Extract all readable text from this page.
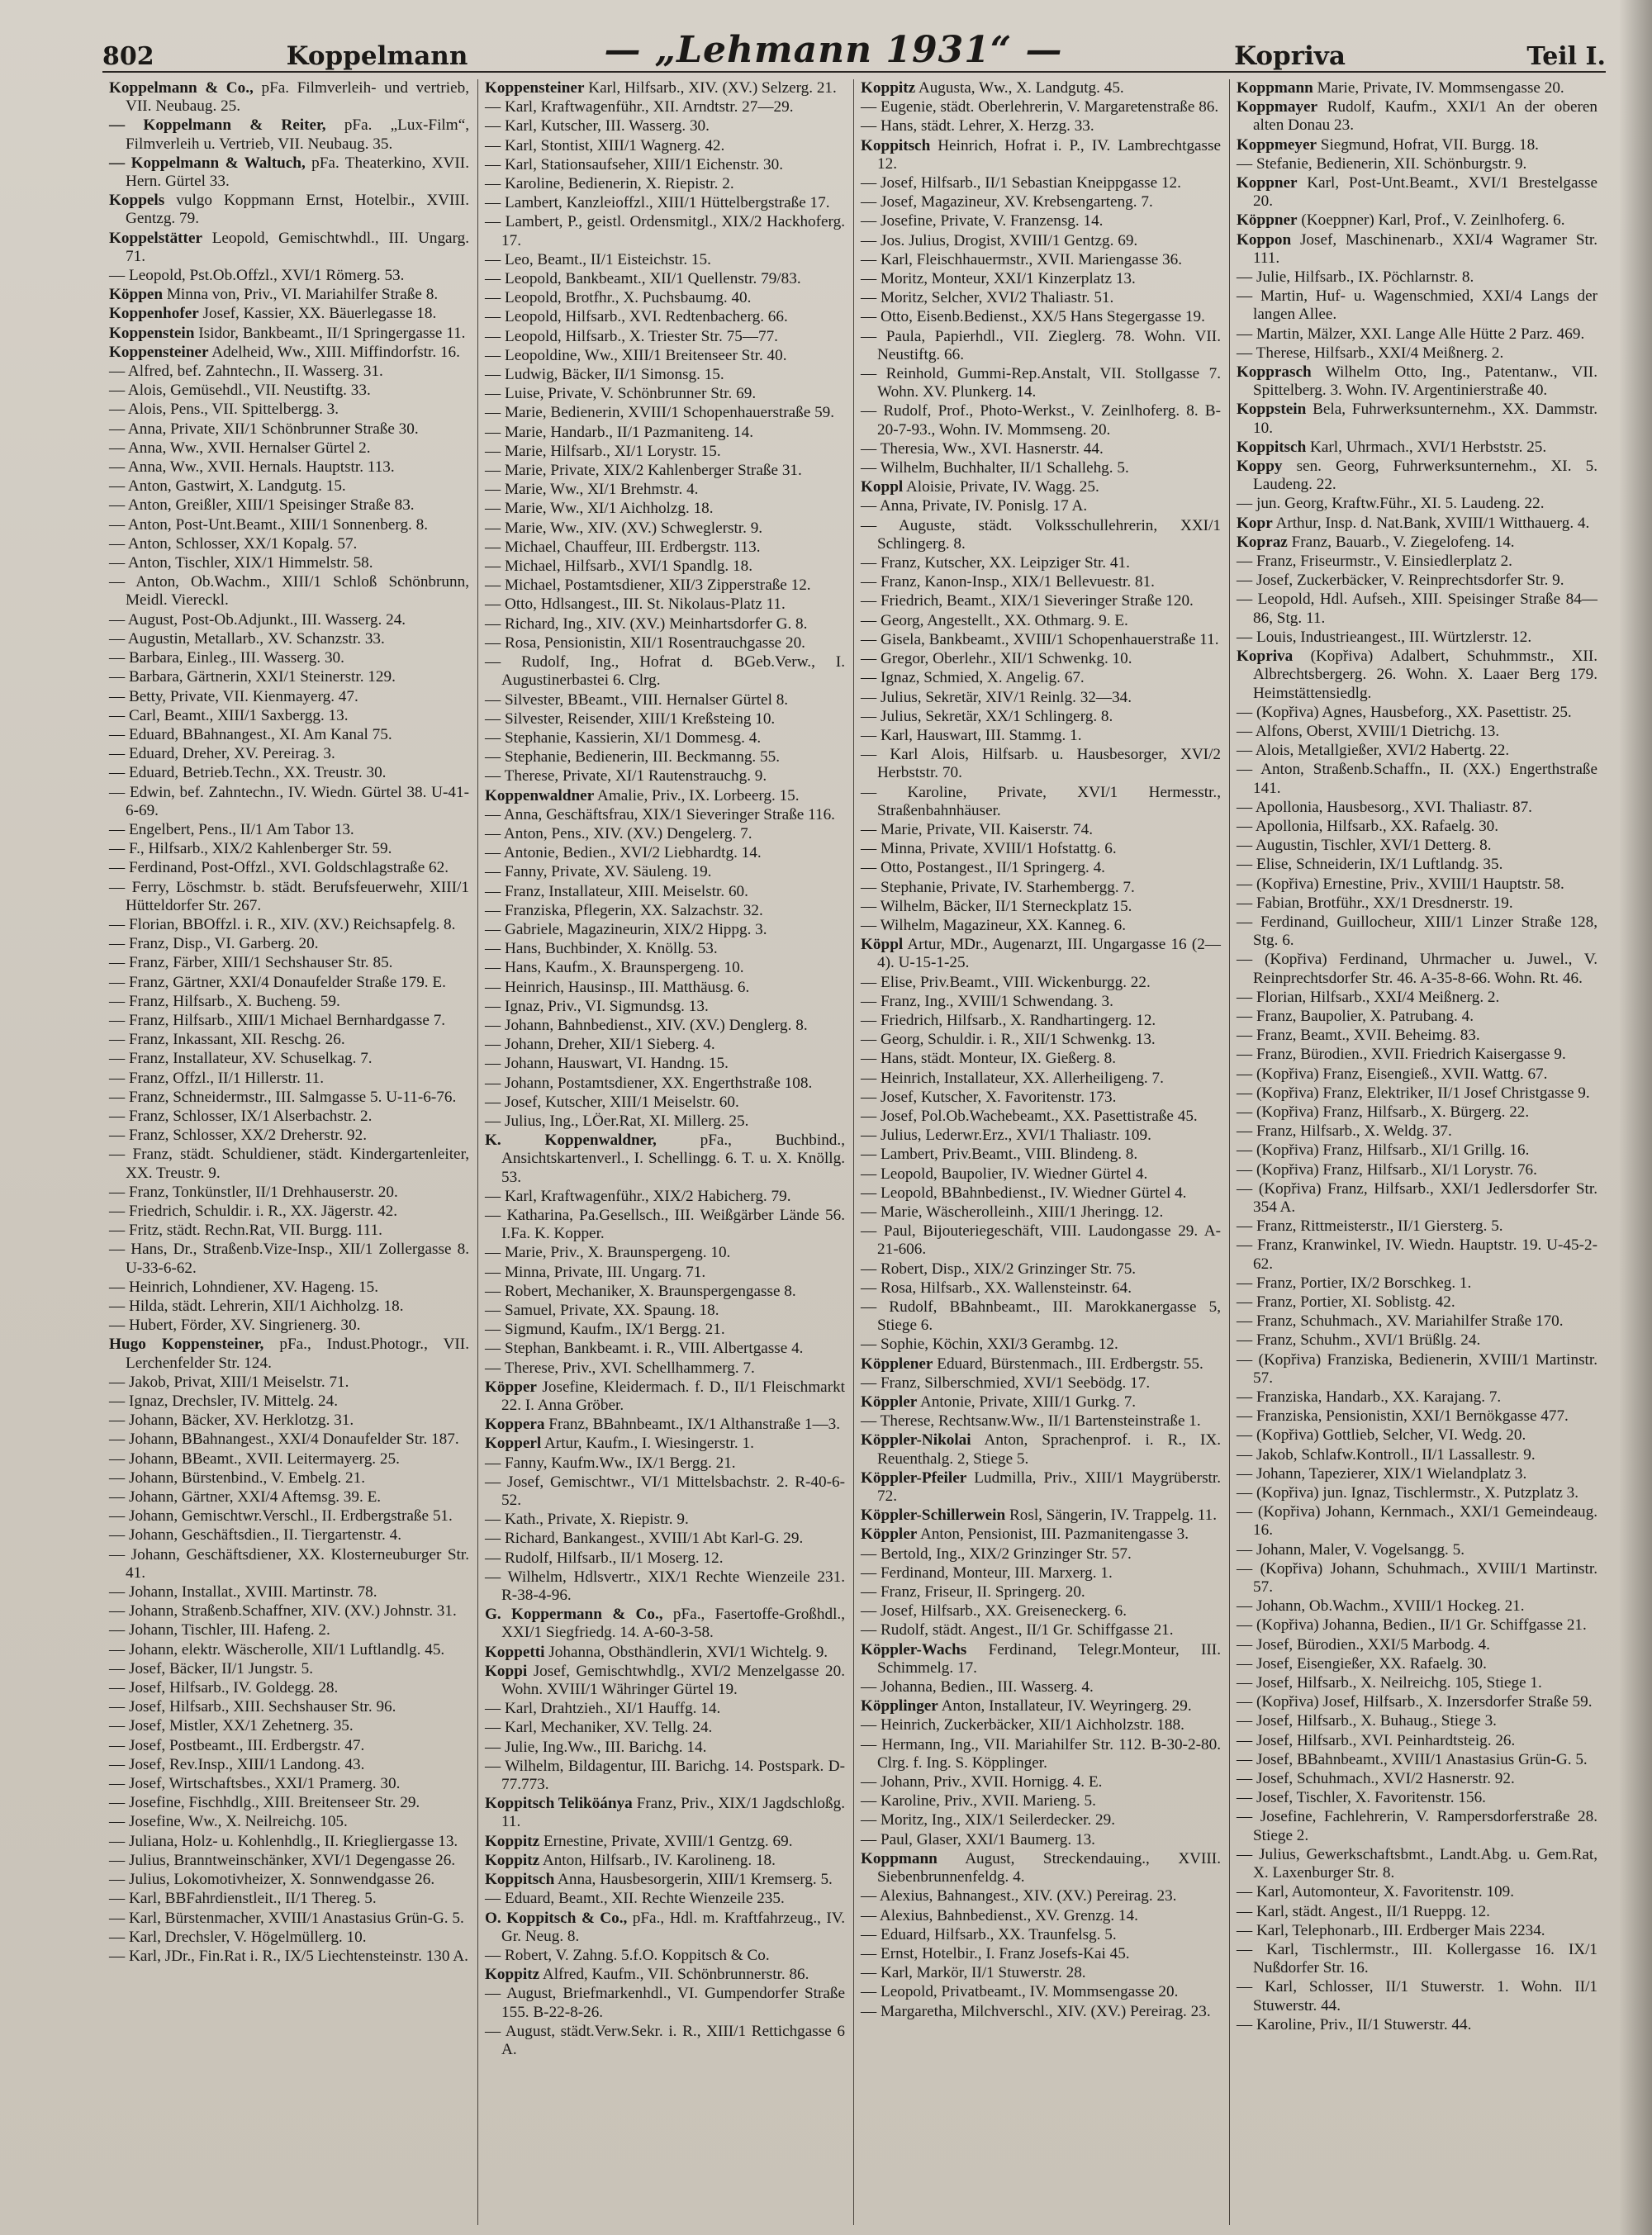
802	Koppelmann	— „Lehmann 1931“ —	Kopriva	Teil I.

Koppelmann & Co., pFa. Filmverleih- und vertrieb, VII. Neubaug. 25.

— Koppelmann & Reiter, pFa. „Lux-Film“, Filmverleih u. Vertrieb, VII. Neubaug. 35.

— Koppelmann & Waltuch, pFa. Theaterkino, XVII. Hern. Gürtel 33.

Koppels vulgo Koppmann Ernst, Hotelbir., XVIII. Gentzg. 79.

Koppelstätter Leopold, Gemischtwhdl., III. Ungarg. 71.

— Leopold, Pst.Ob.Offzl., XVI/1 Römerg. 53.

Köppen Minna von, Priv., VI. Mariahilfer Straße 8.

Koppenhofer Josef, Kassier, XX. Bäuerlegasse 18.

Koppenstein Isidor, Bankbeamt., II/1 Springergasse 11.

Koppensteiner Adelheid, Ww., XIII. Miffindorfstr. 16.

— Alfred, bef. Zahntechn., II. Wasserg. 31.

— Alois, Gemüsehdl., VII. Neustiftg. 33.

— Alois, Pens., VII. Spittelbergg. 3.

— Anna, Private, XII/1 Schönbrunner Straße 30.

— Anna, Ww., XVII. Hernalser Gürtel 2.

— Anna, Ww., XVII. Hernals. Hauptstr. 113.

— Anton, Gastwirt, X. Landgutg. 15.

— Anton, Greißler, XIII/1 Speisinger Straße 83.

— Anton, Post-Unt.Beamt., XIII/1 Sonnenberg. 8.

— Anton, Schlosser, XX/1 Kopalg. 57.

— Anton, Tischler, XIX/1 Himmelstr. 58.

— Anton, Ob.Wachm., XIII/1 Schloß Schönbrunn, Meidl. Viereckl.

— August, Post-Ob.Adjunkt., III. Wasserg. 24.

— Augustin, Metallarb., XV. Schanzstr. 33.

— Barbara, Einleg., III. Wasserg. 30.

— Barbara, Gärtnerin, XXI/1 Steinerstr. 129.

— Betty, Private, VII. Kienmayerg. 47.

— Carl, Beamt., XIII/1 Saxbergg. 13.

— Eduard, BBahnangest., XI. Am Kanal 75.

— Eduard, Dreher, XV. Pereirag. 3.

— Eduard, Betrieb.Techn., XX. Treustr. 30.

— Edwin, bef. Zahntechn., IV. Wiedn. Gürtel 38. U-41-6-69.

— Engelbert, Pens., II/1 Am Tabor 13.

— F., Hilfsarb., XIX/2 Kahlenberger Str. 59.

— Ferdinand, Post-Offzl., XVI. Goldschlagstraße 62.

— Ferry, Löschmstr. b. städt. Berufsfeuerwehr, XIII/1 Hütteldorfer Str. 267.

— Florian, BBOffzl. i. R., XIV. (XV.) Reichsapfelg. 8.

— Franz, Disp., VI. Garberg. 20.

— Franz, Färber, XIII/1 Sechshauser Str. 85.

— Franz, Gärtner, XXI/4 Donaufelder Straße 179. E.

— Franz, Hilfsarb., X. Bucheng. 59.

— Franz, Hilfsarb., XIII/1 Michael Bernhardgasse 7.

— Franz, Inkassant, XII. Reschg. 26.

— Franz, Installateur, XV. Schuselkag. 7.

— Franz, Offzl., II/1 Hillerstr. 11.

— Franz, Schneidermstr., III. Salmgasse 5. U-11-6-76.

— Franz, Schlosser, IX/1 Alserbachstr. 2.

— Franz, Schlosser, XX/2 Dreherstr. 92.

— Franz, städt. Schuldiener, städt. Kindergartenleiter, XX. Treustr. 9.

— Franz, Tonkünstler, II/1 Drehhauserstr. 20.

— Friedrich, Schuldir. i. R., XX. Jägerstr. 42.

— Fritz, städt. Rechn.Rat, VII. Burgg. 111.

— Hans, Dr., Straßenb.Vize-Insp., XII/1 Zollergasse 8. U-33-6-62.

— Heinrich, Lohndiener, XV. Hageng. 15.

— Hilda, städt. Lehrerin, XII/1 Aichholzg. 18.

— Hubert, Förder, XV. Singrienerg. 30.

Hugo Koppensteiner, pFa., Indust.Photogr., VII. Lerchenfelder Str. 124.

— Jakob, Privat, XIII/1 Meiselstr. 71.

— Ignaz, Drechsler, IV. Mittelg. 24.

— Johann, Bäcker, XV. Herklotzg. 31.

— Johann, BBahnangest., XXI/4 Donaufelder Str. 187.

— Johann, BBeamt., XVII. Leitermayerg. 25.

— Johann, Bürstenbind., V. Embelg. 21.

— Johann, Gärtner, XXI/4 Aftemsg. 39. E.

— Johann, Gemischtwr.Verschl., II. Erdbergstraße 51.

— Johann, Geschäftsdien., II. Tiergartenstr. 4.

— Johann, Geschäftsdiener, XX. Klosterneuburger Str. 41.

— Johann, Installat., XVIII. Martinstr. 78.

— Johann, Straßenb.Schaffner, XIV. (XV.) Johnstr. 31.

— Johann, Tischler, III. Hafeng. 2.

— Johann, elektr. Wäscherolle, XII/1 Luftlandlg. 45.

— Josef, Bäcker, II/1 Jungstr. 5.

— Josef, Hilfsarb., IV. Goldegg. 28.

— Josef, Hilfsarb., XIII. Sechshauser Str. 96.

— Josef, Mistler, XX/1 Zehetnerg. 35.

— Josef, Postbeamt., III. Erdbergstr. 47.

— Josef, Rev.Insp., XIII/1 Landong. 43.

— Josef, Wirtschaftsbes., XXI/1 Pramerg. 30.

— Josefine, Fischhdlg., XIII. Breitenseer Str. 29.

— Josefine, Ww., X. Neilreichg. 105.

— Juliana, Holz- u. Kohlenhdlg., II. Kriegliergasse 13.

— Julius, Branntweinschänker, XVI/1 Degengasse 26.

— Julius, Lokomotivheizer, X. Sonnwendgasse 26.

— Karl, BBFahrdienstleit., II/1 Thereg. 5.

— Karl, Bürstenmacher, XVIII/1 Anastasius Grün-G. 5.

— Karl, Drechsler, V. Högelmüllerg. 10.

— Karl, JDr., Fin.Rat i. R., IX/5 Liechtensteinstr. 130 A.

Koppensteiner Karl, Hilfsarb., XIV. (XV.) Selzerg. 21.

— Karl, Kraftwagenführ., XII. Arndtstr. 27—29.

— Karl, Kutscher, III. Wasserg. 30.

— Karl, Stontist, XIII/1 Wagnerg. 42.

— Karl, Stationsaufseher, XIII/1 Eichenstr. 30.

— Karoline, Bedienerin, X. Riepistr. 2.

— Lambert, Kanzleioffzl., XIII/1 Hüttelbergstraße 17.

— Lambert, P., geistl. Ordensmitgl., XIX/2 Hackhoferg. 17.

— Leo, Beamt., II/1 Eisteichstr. 15.

— Leopold, Bankbeamt., XII/1 Quellenstr. 79/83.

— Leopold, Brotfhr., X. Puchsbaumg. 40.

— Leopold, Hilfsarb., XVI. Redtenbacherg. 66.

— Leopold, Hilfsarb., X. Triester Str. 75—77.

— Leopoldine, Ww., XIII/1 Breitenseer Str. 40.

— Ludwig, Bäcker, II/1 Simonsg. 15.

— Luise, Private, V. Schönbrunner Str. 69.

— Marie, Bedienerin, XVIII/1 Schopenhauerstraße 59.

— Marie, Handarb., II/1 Pazmaniteng. 14.

— Marie, Hilfsarb., XI/1 Lorystr. 15.

— Marie, Private, XIX/2 Kahlenberger Straße 31.

— Marie, Ww., XI/1 Brehmstr. 4.

— Marie, Ww., XI/1 Aichholzg. 18.

— Marie, Ww., XIV. (XV.) Schweglerstr. 9.

— Michael, Chauffeur, III. Erdbergstr. 113.

— Michael, Hilfsarb., XVI/1 Spandlg. 18.

— Michael, Postamtsdiener, XII/3 Zipperstraße 12.

— Otto, Hdlsangest., III. St. Nikolaus-Platz 11.

— Richard, Ing., XIV. (XV.) Meinhartsdorfer G. 8.

— Rosa, Pensionistin, XII/1 Rosentrauchgasse 20.

— Rudolf, Ing., Hofrat d. BGeb.Verw., I. Augustinerbastei 6. Clrg.

— Silvester, BBeamt., VIII. Hernalser Gürtel 8.

— Silvester, Reisender, XIII/1 Kreßsteing 10.

— Stephanie, Kassierin, XI/1 Dommesg. 4.

— Stephanie, Bedienerin, III. Beckmanng. 55.

— Therese, Private, XI/1 Rautenstrauchg. 9.

Koppenwaldner Amalie, Priv., IX. Lorbeerg. 15.

— Anna, Geschäftsfrau, XIX/1 Sieveringer Straße 116.

— Anton, Pens., XIV. (XV.) Dengelerg. 7.

— Antonie, Bedien., XVI/2 Liebhardtg. 14.

— Fanny, Private, XV. Säuleng. 19.

— Franz, Installateur, XIII. Meiselstr. 60.

— Franziska, Pflegerin, XX. Salzachstr. 32.

— Gabriele, Magazineurin, XIX/2 Hippg. 3.

— Hans, Buchbinder, X. Knöllg. 53.

— Hans, Kaufm., X. Braunspergeng. 10.

— Heinrich, Hausinsp., III. Matthäusg. 6.

— Ignaz, Priv., VI. Sigmundsg. 13.

— Johann, Bahnbedienst., XIV. (XV.) Denglerg. 8.

— Johann, Dreher, XII/1 Sieberg. 4.

— Johann, Hauswart, VI. Handng. 15.

— Johann, Postamtsdiener, XX. Engerthstraße 108.

— Josef, Kutscher, XIII/1 Meiselstr. 60.

— Julius, Ing., LÖer.Rat, XI. Millerg. 25.

K. Koppenwaldner,	pFa., Buchbind., Ansichtskartenverl., I. Schellingg. 6. T. u. X. Knöllg. 53.

— Karl, Kraftwagenführ., XIX/2 Habicherg. 79.

— Katharina, Pa.Gesellsch., III. Weißgärber Lände 56. I.Fa. K. Kopper.

— Marie, Priv., X. Braunspergeng. 10.

— Minna, Private, III. Ungarg. 71.

— Robert, Mechaniker, X. Braunspergengasse 8.

— Samuel, Private, XX. Spaung. 18.

— Sigmund, Kaufm., IX/1 Bergg. 21.

— Stephan, Bankbeamt. i. R., VIII. Albertgasse 4.

— Therese, Priv., XVI. Schellhammerg. 7.

Köpper Josefine, Kleidermach. f. D., II/1 Fleischmarkt 22. I. Anna Gröber.

Koppera Franz, BBahnbeamt., IX/1 Althanstraße 1—3.

Kopperl Artur, Kaufm., I. Wiesingerstr. 1.

— Fanny, Kaufm.Ww., IX/1 Bergg. 21.

— Josef, Gemischtwr., VI/1 Mittelsbachstr. 2. R-40-6-52.

— Kath., Private, X. Riepistr. 9.

— Richard, Bankangest., XVIII/1 Abt Karl-G. 29.

— Rudolf, Hilfsarb., II/1 Moserg. 12.

— Wilhelm, Hdlsvertr., XIX/1 Rechte Wienzeile 231. R-38-4-96.

G. Koppermann & Co., pFa., Fasertoffe-Großhdl., XXI/1 Siegfriedg. 14. A-60-3-58.

Koppetti Johanna, Obsthändlerin, XVI/1 Wichtelg. 9.

Koppi Josef, Gemischtwhdlg., XVI/2 Menzelgasse 20. Wohn. XVIII/1 Währinger Gürtel 19.

— Karl, Drahtzieh., XI/1 Hauffg. 14.

— Karl, Mechaniker, XV. Tellg. 24.

— Julie, Ing.Ww., III. Barichg. 14.

— Wilhelm, Bildagentur, III. Barichg. 14. Postspark. D-77.773.

Koppitsch Teliköánya Franz, Priv., XIX/1 Jagdschloßg. 11.

Koppitz Ernestine, Private, XVIII/1 Gentzg. 69.

Koppitz Anton, Hilfsarb., IV. Karolineng. 18.

Koppitsch Anna, Hausbesorgerin, XIII/1 Kremserg. 5.

— Eduard, Beamt., XII. Rechte Wienzeile 235.

O. Koppitsch & Co., pFa., Hdl. m. Kraftfahrzeug., IV. Gr. Neug. 8.

— Robert, V. Zahng. 5.f.O. Koppitsch & Co.

Koppitz Alfred, Kaufm., VII. Schönbrunnerstr. 86.

— August, Briefmarkenhdl., VI. Gumpendorfer Straße 155. B-22-8-26.

— August, städt.Verw.Sekr. i. R., XIII/1 Rettichgasse 6 A.

Koppitz Augusta, Ww., X. Landgutg. 45.

— Eugenie, städt. Oberlehrerin, V. Margaretenstraße 86.

— Hans, städt. Lehrer, X. Herzg. 33.

Koppitsch Heinrich, Hofrat i. P., IV. Lambrechtgasse 12.

— Josef, Hilfsarb., II/1 Sebastian Kneippgasse 12.

— Josef, Magazineur, XV. Krebsengarteng. 7.

— Josefine, Private, V. Franzensg. 14.

— Jos. Julius, Drogist, XVIII/1 Gentzg. 69.

— Karl, Fleischhauermstr., XVII. Mariengasse 36.

— Moritz, Monteur, XXI/1 Kinzerplatz 13.

— Moritz, Selcher, XVI/2 Thaliastr. 51.

— Otto, Eisenb.Bedienst., XX/5 Hans Stegergasse 19.

— Paula, Papierhdl., VII. Zieglerg. 78. Wohn. VII. Neustiftg. 66.

— Reinhold, Gummi-Rep.Anstalt, VII. Stollgasse 7. Wohn. XV. Plunkerg. 14.

— Rudolf, Prof., Photo-Werkst., V. Zeinlhoferg. 8. B-20-7-93., Wohn. IV. Mommseng. 20.

— Theresia, Ww., XVI. Hasnerstr. 44.

— Wilhelm, Buchhalter, II/1 Schallehg. 5.

Koppl Aloisie, Private, IV. Wagg. 25.

— Anna, Private, IV. Ponislg. 17 A.

— Auguste, städt. Volksschullehrerin, XXI/1 Schlingerg. 8.

— Franz, Kutscher, XX. Leipziger Str. 41.

— Franz, Kanon-Insp., XIX/1 Bellevuestr. 81.

— Friedrich, Beamt., XIX/1 Sieveringer Straße 120.

— Georg, Angestellt., XX. Othmarg. 9. E.

— Gisela, Bankbeamt., XVIII/1 Schopenhauerstraße 11.

— Gregor, Oberlehr., XII/1 Schwenkg. 10.

— Ignaz, Schmied, X. Angelig. 67.

— Julius, Sekretär, XIV/1 Reinlg. 32—34.

— Julius, Sekretär, XX/1 Schlingerg. 8.

— Karl, Hauswart, III. Stammg. 1.

— Karl Alois, Hilfsarb. u. Hausbesorger, XVI/2 Herbststr. 70.

— Karoline, Private, XVI/1 Hermesstr., Straßenbahnhäuser.

— Marie, Private, VII. Kaiserstr. 74.

— Minna, Private, XVIII/1 Hofstattg. 6.

— Otto, Postangest., II/1 Springerg. 4.

— Stephanie, Private, IV. Starhembergg. 7.

— Wilhelm, Bäcker, II/1 Sterneckplatz 15.

— Wilhelm, Magazineur, XX. Kanneg. 6.

Köppl Artur, MDr., Augenarzt, III. Ungargasse 16 (2—4). U-15-1-25.

— Elise, Priv.Beamt., VIII. Wickenburgg. 22.

— Franz, Ing., XVIII/1 Schwendang. 3.

— Friedrich, Hilfsarb., X. Randhartingerg. 12.

— Georg, Schuldir. i. R., XII/1 Schwenkg. 13.

— Hans, städt. Monteur, IX. Gießerg. 8.

— Heinrich, Installateur, XX. Allerheiligeng. 7.

— Josef, Kutscher, X. Favoritenstr. 173.

— Josef, Pol.Ob.Wachebeamt., XX. Pasettistraße 45.

— Julius, Lederwr.Erz., XVI/1 Thaliastr. 109.

— Lambert, Priv.Beamt., VIII. Blindeng. 8.

— Leopold, Baupolier, IV. Wiedner Gürtel 4.

— Leopold, BBahnbedienst., IV. Wiedner Gürtel 4.

— Marie, Wäscherolleinh., XIII/1 Jheringg. 12.

— Paul, Bijouteriegeschäft, VIII. Laudongasse 29. A-21-606.

— Robert, Disp., XIX/2 Grinzinger Str. 75.

— Rosa, Hilfsarb., XX. Wallensteinstr. 64.

— Rudolf, BBahnbeamt., III. Marokkanergasse 5, Stiege 6.

— Sophie, Köchin, XXI/3 Gerambg. 12.

Köpplener Eduard, Bürstenmach., III. Erdbergstr. 55.

— Franz, Silberschmied, XVI/1 Seebödg. 17.

Köppler Antonie, Private, XIII/1 Gurkg. 7.

— Therese, Rechtsanw.Ww., II/1 Bartensteinstraße 1.

Köppler-Nikolai Anton, Sprachenprof. i. R., IX. Reuenthalg. 2, Stiege 5.

Köppler-Pfeiler Ludmilla, Priv., XIII/1 Maygrüberstr. 72.

Köppler-Schillerwein Rosl, Sängerin, IV. Trappelg. 11.

Köppler Anton, Pensionist, III. Pazmanitengasse 3.

— Bertold, Ing., XIX/2 Grinzinger Str. 57.

— Ferdinand, Monteur, III. Marxerg. 1.

— Franz, Friseur, II. Springerg. 20.

— Josef, Hilfsarb., XX. Greiseneckerg. 6.

— Rudolf, städt. Angest., II/1 Gr. Schiffgasse 21.

Köppler-Wachs Ferdinand, Telegr.Monteur, III. Schimmelg. 17.

— Johanna, Bedien., III. Wasserg. 4.

Köpplinger Anton, Installateur, IV. Weyringerg. 29.

— Heinrich, Zuckerbäcker, XII/1 Aichholzstr. 188.

— Hermann, Ing., VII. Mariahilfer Str. 112. B-30-2-80. Clrg. f. Ing. S. Köpplinger.

— Johann, Priv., XVII. Hornigg. 4. E.

— Karoline, Priv., XVII. Marieng. 5.

— Moritz, Ing., XIX/1 Seilerdecker. 29.

— Paul, Glaser, XXI/1 Baumerg. 13.

Koppmann August, Streckendauing., XVIII. Siebenbrunnenfeldg. 4.

— Alexius, Bahnangest., XIV. (XV.) Pereirag. 23.

— Alexius, Bahnbedienst., XV. Grenzg. 14.

— Eduard, Hilfsarb., XX. Traunfelsg. 5.

— Ernst, Hotelbir., I. Franz Josefs-Kai 45.

— Karl, Markör, II/1 Stuwerstr. 28.

— Leopold, Privatbeamt., IV. Mommsengasse 20.

— Margaretha, Milchverschl., XIV. (XV.) Pereirag. 23.

Koppmann Marie, Private, IV. Mommsengasse 20.

Koppmayer Rudolf, Kaufm., XXI/1 An der oberen alten Donau 23.

Koppmeyer Siegmund, Hofrat, VII. Burgg. 18.

— Stefanie, Bedienerin, XII. Schönburgstr. 9.

Koppner Karl, Post-Unt.Beamt., XVI/1 Brestelgasse 20.

Köppner (Koeppner) Karl, Prof., V. Zeinlhoferg. 6.

Koppon Josef, Maschinenarb., XXI/4 Wagramer Str. 111.

— Julie, Hilfsarb., IX. Pöchlarnstr. 8.

— Martin, Huf- u. Wagenschmied, XXI/4 Langs der langen Allee.

— Martin, Mälzer, XXI. Lange Alle Hütte 2 Parz. 469.

— Therese, Hilfsarb., XXI/4 Meißnerg. 2.

Kopprasch Wilhelm Otto, Ing., Patentanw., VII. Spittelberg. 3. Wohn. IV. Argentinierstraße 40.

Koppstein Bela, Fuhrwerksunternehm., XX. Dammstr. 10.

Koppitsch Karl, Uhrmach., XVI/1 Herbststr. 25.

Koppy sen. Georg, Fuhrwerksunternehm., XI. 5. Laudeng. 22.

— jun. Georg, Kraftw.Führ., XI. 5. Laudeng. 22.

Kopr Arthur, Insp. d. Nat.Bank, XVIII/1 Witthauerg. 4.

Kopraz Franz, Bauarb., V. Ziegelofeng. 14.

— Franz, Friseurmstr., V. Einsiedlerplatz 2.

— Josef, Zuckerbäcker, V. Reinprechtsdorfer Str. 9.

— Leopold, Hdl. Aufseh., XIII. Speisinger Straße 84—86, Stg. 11.

— Louis, Industrieangest., III. Würtzlerstr. 12.

Kopriva (Kopřiva) Adalbert, Schuhmmstr., XII. Albrechtsbergerg. 26. Wohn. X. Laaer Berg 179. Heimstättensiedlg.

— (Kopřiva) Agnes, Hausbeforg., XX. Pasettistr. 25.

— Alfons, Oberst, XVIII/1 Dietrichg. 13.

— Alois, Metallgießer, XVI/2 Habertg. 22.

— Anton, Straßenb.Schaffn., II. (XX.) Engerthstraße 141.

— Apollonia, Hausbesorg., XVI. Thaliastr. 87.

— Apollonia, Hilfsarb., XX. Rafaelg. 30.

— Augustin, Tischler, XVI/1 Detterg. 8.

— Elise, Schneiderin, IX/1 Luftlandg. 35.

— (Kopřiva) Ernestine, Priv., XVIII/1 Hauptstr. 58.

— Fabian, Brotführ., XX/1 Dresdnerstr. 19.

— Ferdinand, Guillocheur, XIII/1 Linzer Straße 128, Stg. 6.

— (Kopřiva) Ferdinand, Uhrmacher u. Juwel., V. Reinprechtsdorfer Str. 46. A-35-8-66. Wohn. Rt. 46.

— Florian, Hilfsarb., XXI/4 Meißnerg. 2.

— Franz, Baupolier, X. Patrubang. 4.

— Franz, Beamt., XVII. Beheimg. 83.

— Franz, Bürodien., XVII. Friedrich Kaisergasse 9.

— (Kopřiva) Franz, Eisengieß., XVII. Wattg. 67.

— (Kopřiva) Franz, Elektriker, II/1 Josef Christgasse 9.

— (Kopřiva) Franz, Hilfsarb., X. Bürgerg. 22.

— Franz, Hilfsarb., X. Weldg. 37.

— (Kopřiva) Franz, Hilfsarb., XI/1 Grillg. 16.

— (Kopřiva) Franz, Hilfsarb., XI/1 Lorystr. 76.

— (Kopřiva) Franz, Hilfsarb., XXI/1 Jedlersdorfer Str. 354 A.

— Franz, Rittmeisterstr., II/1 Giersterg. 5.

— Franz, Kranwinkel, IV. Wiedn. Hauptstr. 19. U-45-2-62.

— Franz, Portier, IX/2 Borschkeg. 1.

— Franz, Portier, XI. Soblistg. 42.

— Franz, Schuhmach., XV. Mariahilfer Straße 170.

— Franz, Schuhm., XVI/1 Brüßlg. 24.

— (Kopřiva) Franziska, Bedienerin, XVIII/1 Martinstr. 57.

— Franziska, Handarb., XX. Karajang. 7.

— Franziska, Pensionistin, XXI/1 Bernökgasse 477.

— (Kopřiva) Gottlieb, Selcher, VI. Wedg. 20.

— Jakob, Schlafw.Kontroll., II/1 Lassallestr. 9.

— Johann, Tapezierer, XIX/1 Wielandplatz 3.

— (Kopřiva) jun. Ignaz, Tischlermstr., X. Putzplatz 3.

— (Kopřiva) Johann, Kernmach., XXI/1 Gemeindeaug. 16.

— Johann, Maler, V. Vogelsangg. 5.

— (Kopřiva) Johann, Schuhmach., XVIII/1 Martinstr. 57.

— Johann, Ob.Wachm., XVIII/1 Hockeg. 21.

— (Kopřiva) Johanna, Bedien., II/1 Gr. Schiffgasse 21.

— Josef, Bürodien., XXI/5 Marbodg. 4.

— Josef, Eisengießer, XX. Rafaelg. 30.

— Josef, Hilfsarb., X. Neilreichg. 105, Stiege 1.

— (Kopřiva) Josef, Hilfsarb., X. Inzersdorfer Straße 59.

— Josef, Hilfsarb., X. Buhaug., Stiege 3.

— Josef, Hilfsarb., XVI. Peinhardtsteig. 26.

— Josef, BBahnbeamt., XVIII/1 Anastasius Grün-G. 5.

— Josef, Schuhmach., XVI/2 Hasnerstr. 92.

— Josef, Tischler, X. Favoritenstr. 156.

— Josefine, Fachlehrerin, V. Rampersdorferstraße 28. Stiege 2.

— Julius, Gewerkschaftsbmt., Landt.Abg. u. Gem.Rat, X. Laxenburger Str. 8.

— Karl, Automonteur, X. Favoritenstr. 109.

— Karl, städt. Angest., II/1 Rueppg. 12.

— Karl, Telephonarb., III. Erdberger Mais 2234.

— Karl, Tischlermstr., III. Kollergasse 16. IX/1 Nußdorfer Str. 16.

— Karl, Schlosser, II/1 Stuwerstr. 1. Wohn. II/1 Stuwerstr. 44.

— Karoline, Priv., II/1 Stuwerstr. 44.
